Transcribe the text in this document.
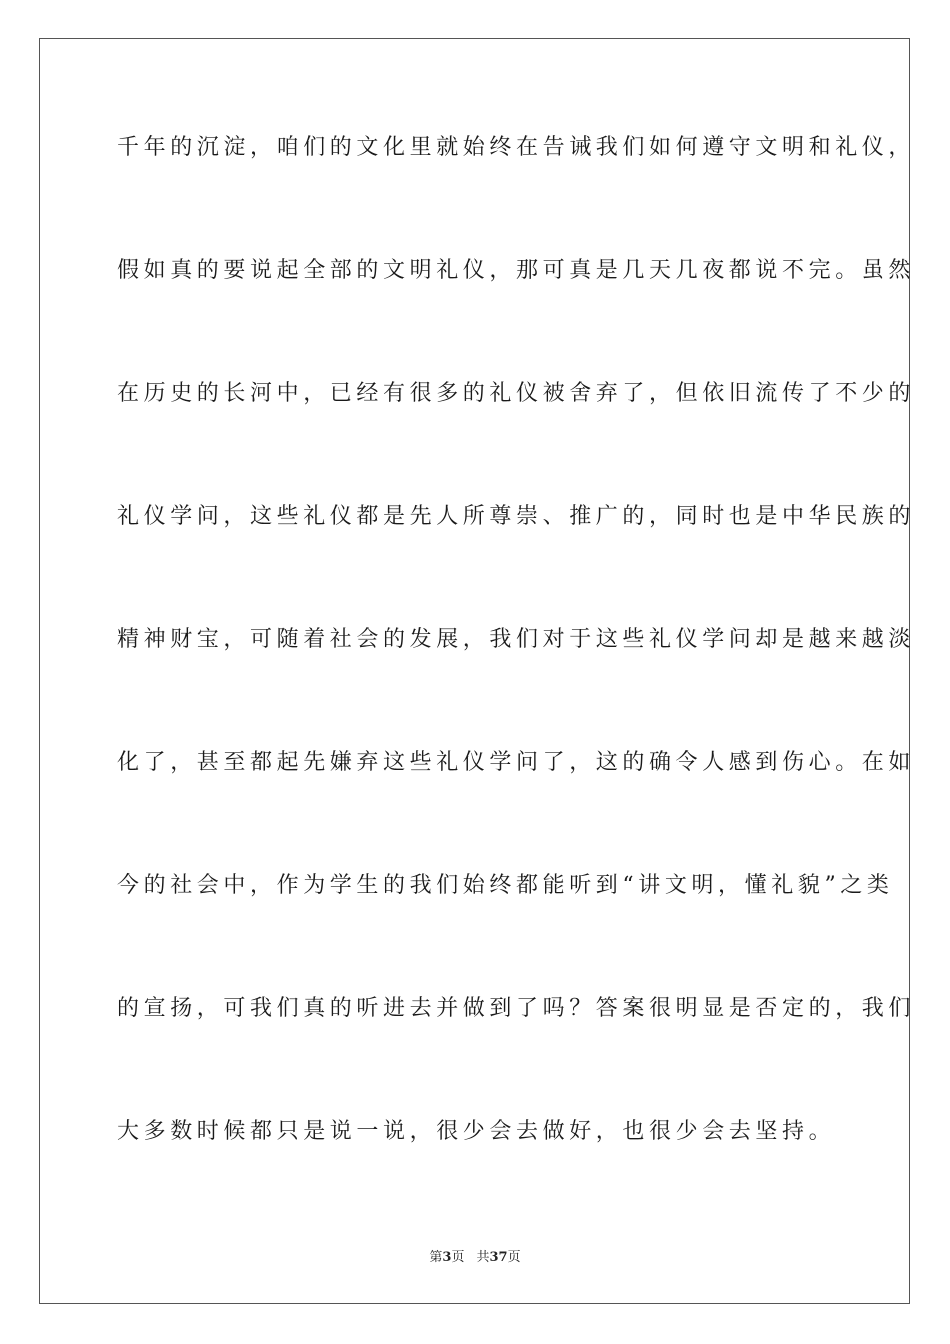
千年的沉淀，咱们的文化里就始终在告诫我们如何遵守文明和礼仪，
假如真的要说起全部的文明礼仪，那可真是几天几夜都说不完。虽然
在历史的长河中，已经有很多的礼仪被舍弃了，但依旧流传了不少的
礼仪学问，这些礼仪都是先人所尊崇、推广的，同时也是中华民族的
精神财宝，可随着社会的发展，我们对于这些礼仪学问却是越来越淡
化了，甚至都起先嫌弃这些礼仪学问了，这的确令人感到伤心。在如
今的社会中，作为学生的我们始终都能听到“讲文明，懂礼貌”之类
的宣扬，可我们真的听进去并做到了吗？答案很明显是否定的，我们
大多数时候都只是说一说，很少会去做好，也很少会去坚持。
第3页 共37页
